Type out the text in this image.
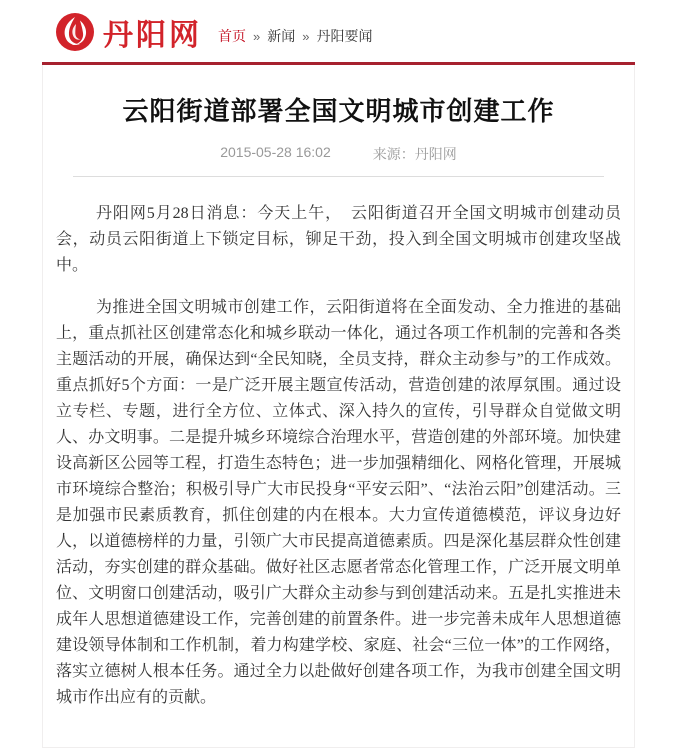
丹阳网 首页 » 新闻 » 丹阳要闻
云阳街道部署全国文明城市创建工作
2015-05-28 16:02	来源：丹阳网

丹阳网5月28日消息：今天上午，　云阳街道召开全国文明城市创建动员会，动员云阳街道上下锁定目标，铆足干劲，投入到全国文明城市创建攻坚战中。

为推进全国文明城市创建工作，云阳街道将在全面发动、全力推进的基础上，重点抓社区创建常态化和城乡联动一体化，通过各项工作机制的完善和各类主题活动的开展，确保达到“全民知晓，全员支持，群众主动参与”的工作成效。重点抓好5个方面：一是广泛开展主题宣传活动，营造创建的浓厚氛围。通过设立专栏、专题，进行全方位、立体式、深入持久的宣传，引导群众自觉做文明人、办文明事。二是提升城乡环境综合治理水平，营造创建的外部环境。加快建设高新区公园等工程，打造生态特色；进一步加强精细化、网格化管理，开展城市环境综合整治；积极引导广大市民投身“平安云阳”、“法治云阳”创建活动。三是加强市民素质教育，抓住创建的内在根本。大力宣传道德模范，评议身边好人，以道德榜样的力量，引领广大市民提高道德素质。四是深化基层群众性创建活动，夯实创建的群众基础。做好社区志愿者常态化管理工作，广泛开展文明单位、文明窗口创建活动，吸引广大群众主动参与到创建活动来。五是扎实推进未成年人思想道德建设工作，完善创建的前置条件。进一步完善未成年人思想道德建设领导体制和工作机制，着力构建学校、家庭、社会“三位一体”的工作网络，落实立德树人根本任务。通过全力以赴做好创建各项工作，为我市创建全国文明城市作出应有的贡献。
